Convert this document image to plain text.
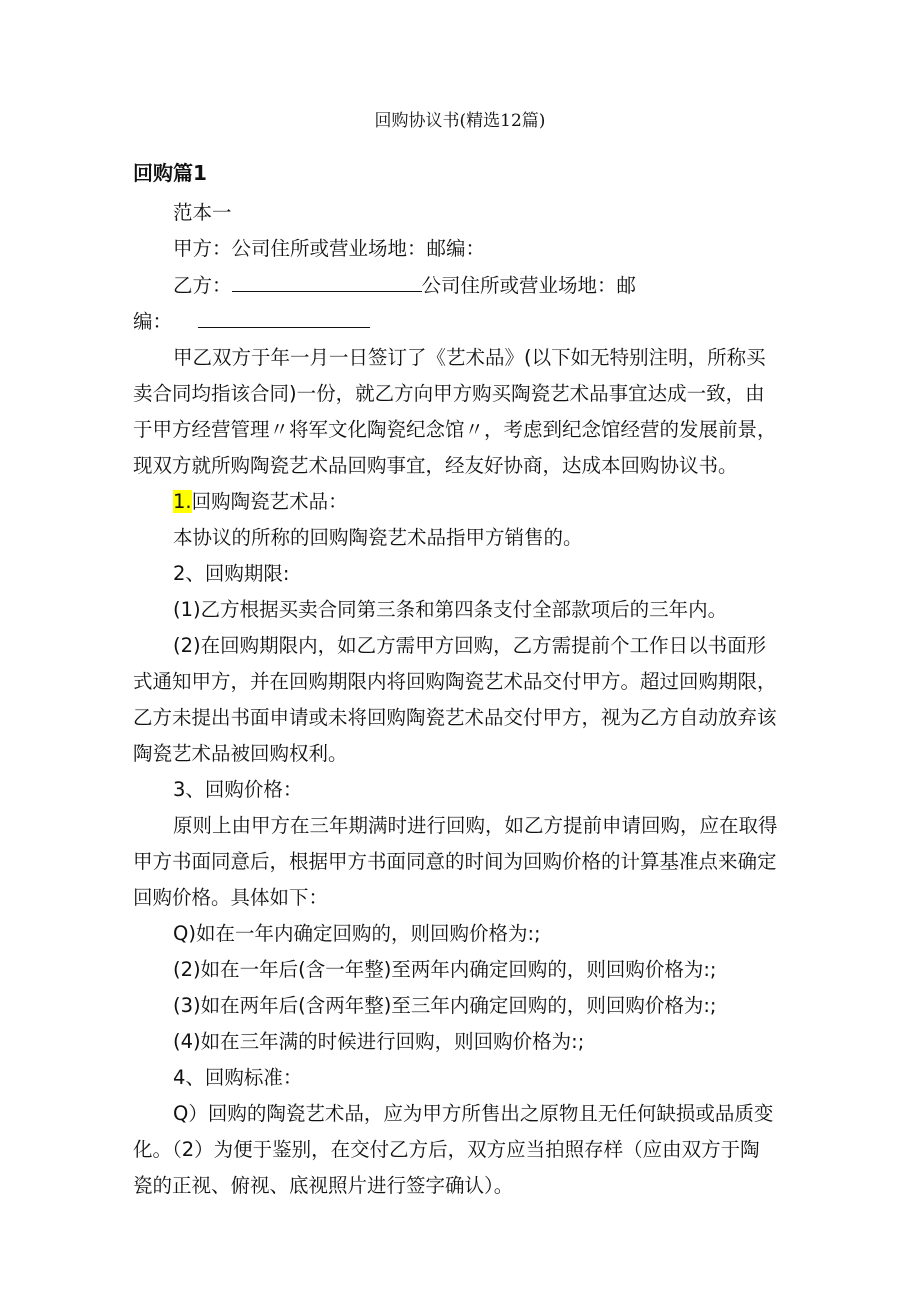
回购协议书(精选12篇)
回购篇1
范本一
甲方：公司住所或营业场地：邮编：
乙方：	公司住所或营业场地：邮
编：
甲乙双方于年一月一日签订了《艺术品》(以下如无特别注明，所称买
卖合同均指该合同)一份，就乙方向甲方购买陶瓷艺术品事宜达成一致，由
于甲方经营管理〃将军文化陶瓷纪念馆〃，考虑到纪念馆经营的发展前景，
现双方就所购陶瓷艺术品回购事宜，经友好协商，达成本回购协议书。
1.回购陶瓷艺术品：
本协议的所称的回购陶瓷艺术品指甲方销售的。
2、回购期限:
(1)乙方根据买卖合同第三条和第四条支付全部款项后的三年内。
(2)在回购期限内，如乙方需甲方回购，乙方需提前个工作日以书面形
式通知甲方，并在回购期限内将回购陶瓷艺术品交付甲方。超过回购期限，
乙方未提出书面申请或未将回购陶瓷艺术品交付甲方，视为乙方自动放弃该
陶瓷艺术品被回购权利。
3、回购价格：
原则上由甲方在三年期满时进行回购，如乙方提前申请回购，应在取得
甲方书面同意后，根据甲方书面同意的时间为回购价格的计算基准点来确定
回购价格。具体如下：
Q)如在一年内确定回购的，则回购价格为:;
(2)如在一年后(含一年整)至两年内确定回购的，则回购价格为:;
(3)如在两年后(含两年整)至三年内确定回购的，则回购价格为:;
(4)如在三年满的时候进行回购，则回购价格为:;
4、回购标准：
Q）回购的陶瓷艺术品，应为甲方所售出之原物且无任何缺损或品质变
化。（2）为便于鉴别，在交付乙方后，双方应当拍照存样（应由双方于陶
瓷的正视、俯视、底视照片进行签字确认）。
